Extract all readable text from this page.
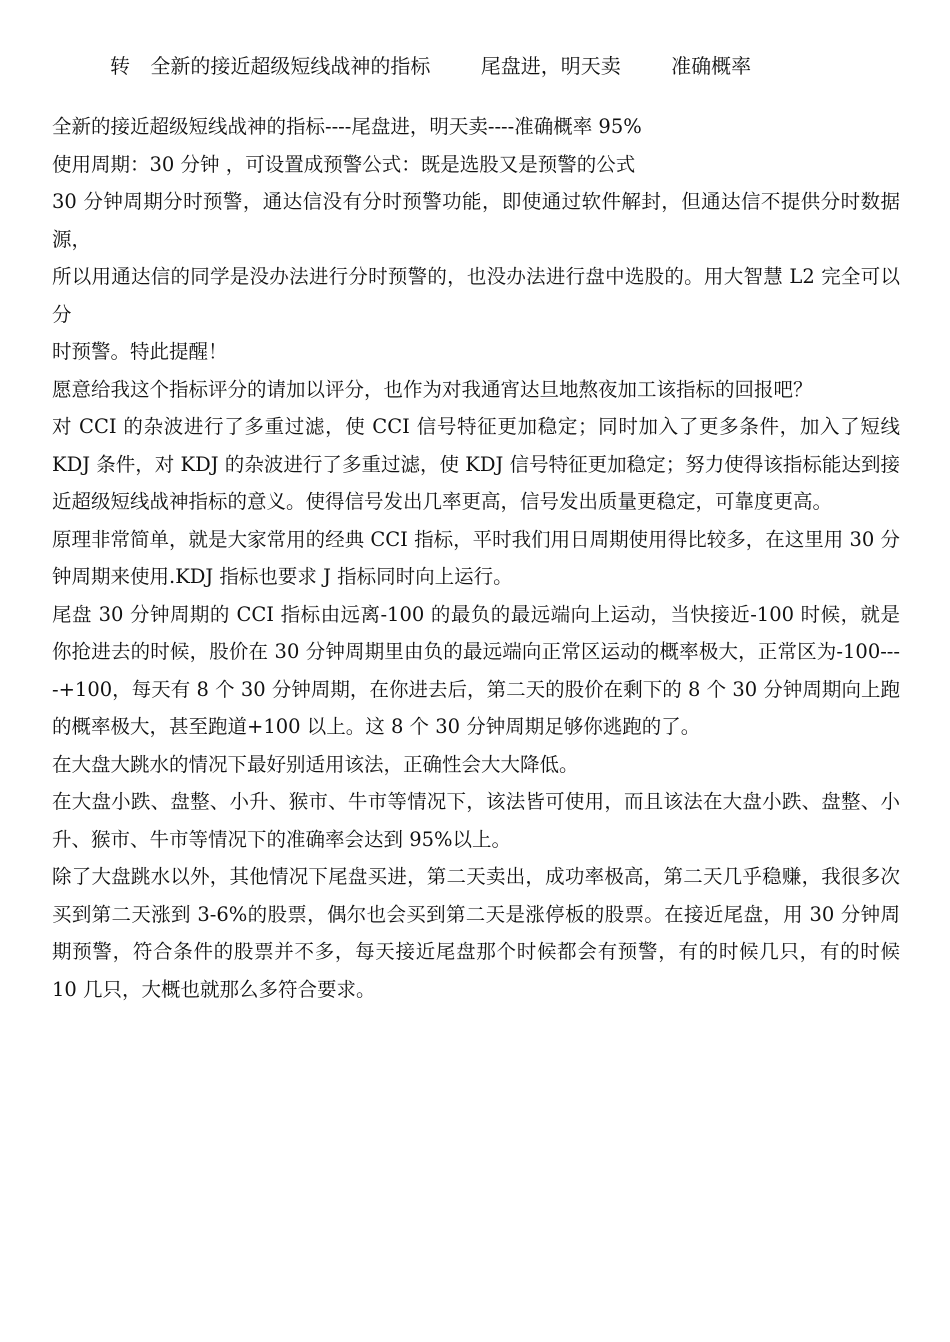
转 全新的接近超级短线战神的指标	尾盘进，明天卖	准确概率

全新的接近超级短线战神的指标----尾盘进，明天卖----准确概率 95%

使用周期：30 分钟 ，可设置成预警公式：既是选股又是预警的公式

30 分钟周期分时预警，通达信没有分时预警功能，即使通过软件解封，但通达信不提供分时数据源，

所以用通达信的同学是没办法进行分时预警的，也没办法进行盘中选股的。用大智慧 L2 完全可以分

时预警。特此提醒！

愿意给我这个指标评分的请加以评分，也作为对我通宵达旦地熬夜加工该指标的回报吧？

对 CCI 的杂波进行了多重过滤，使 CCI 信号特征更加稳定；同时加入了更多条件，加入了短线 KDJ 条件，对 KDJ 的杂波进行了多重过滤，使 KDJ 信号特征更加稳定；努力使得该指标能达到接近超级短线战神指标的意义。使得信号发出几率更高，信号发出质量更稳定，可靠度更高。

原理非常简单，就是大家常用的经典 CCI 指标，平时我们用日周期使用得比较多，在这里用 30 分钟周期来使用.KDJ 指标也要求 J 指标同时向上运行。

尾盘 30 分钟周期的 CCI 指标由远离-100 的最负的最远端向上运动，当快接近-100 时候，就是你抢进去的时候，股价在 30 分钟周期里由负的最远端向正常区运动的概率极大，正常区为-100----+100，每天有 8 个 30 分钟周期，在你进去后，第二天的股价在剩下的 8 个 30 分钟周期向上跑的概率极大，甚至跑道+100 以上。这 8 个 30 分钟周期足够你逃跑的了。

在大盘大跳水的情况下最好别适用该法，正确性会大大降低。

在大盘小跌、盘整、小升、猴市、牛市等情况下，该法皆可使用，而且该法在大盘小跌、盘整、小升、猴市、牛市等情况下的准确率会达到 95%以上。

除了大盘跳水以外，其他情况下尾盘买进，第二天卖出，成功率极高，第二天几乎稳赚，我很多次买到第二天涨到 3-6%的股票，偶尔也会买到第二天是涨停板的股票。在接近尾盘，用 30 分钟周期预警，符合条件的股票并不多，每天接近尾盘那个时候都会有预警，有的时候几只，有的时候 10 几只，大概也就那么多符合要求。
